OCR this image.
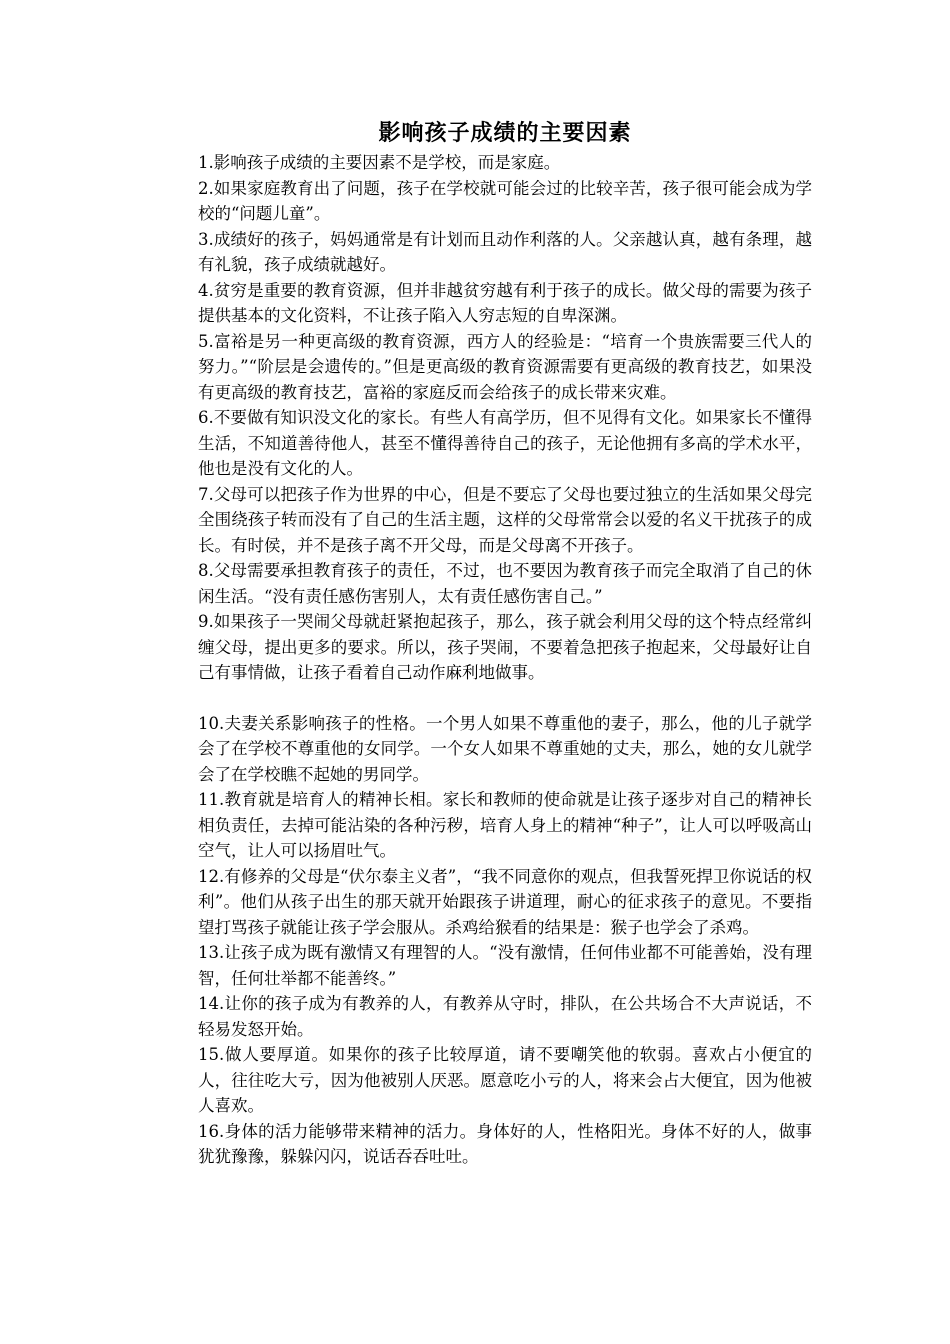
影响孩子成绩的主要因素

1.影响孩子成绩的主要因素不是学校，而是家庭。

2.如果家庭教育出了问题，孩子在学校就可能会过的比较辛苦，孩子很可能会成为学校的“问题儿童”。

3.成绩好的孩子，妈妈通常是有计划而且动作利落的人。父亲越认真，越有条理，越有礼貌，孩子成绩就越好。

4.贫穷是重要的教育资源，但并非越贫穷越有利于孩子的成长。做父母的需要为孩子提供基本的文化资料，不让孩子陷入人穷志短的自卑深渊。

5.富裕是另一种更高级的教育资源，西方人的经验是：“培育一个贵族需要三代人的努力。”“阶层是会遗传的。”但是更高级的教育资源需要有更高级的教育技艺，如果没有更高级的教育技艺，富裕的家庭反而会给孩子的成长带来灾难。

6.不要做有知识没文化的家长。有些人有高学历，但不见得有文化。如果家长不懂得生活，不知道善待他人，甚至不懂得善待自己的孩子，无论他拥有多高的学术水平，他也是没有文化的人。

7.父母可以把孩子作为世界的中心，但是不要忘了父母也要过独立的生活如果父母完全围绕孩子转而没有了自己的生活主题，这样的父母常常会以爱的名义干扰孩子的成长。有时侯，并不是孩子离不开父母，而是父母离不开孩子。

8.父母需要承担教育孩子的责任，不过，也不要因为教育孩子而完全取消了自己的休闲生活。“没有责任感伤害别人，太有责任感伤害自己。”

9.如果孩子一哭闹父母就赶紧抱起孩子，那么，孩子就会利用父母的这个特点经常纠缠父母，提出更多的要求。所以，孩子哭闹，不要着急把孩子抱起来，父母最好让自己有事情做，让孩子看着自己动作麻利地做事。

10.夫妻关系影响孩子的性格。一个男人如果不尊重他的妻子，那么，他的儿子就学会了在学校不尊重他的女同学。一个女人如果不尊重她的丈夫，那么，她的女儿就学会了在学校瞧不起她的男同学。

11.教育就是培育人的精神长相。家长和教师的使命就是让孩子逐步对自己的精神长相负责任，去掉可能沾染的各种污秽，培育人身上的精神“种子”，让人可以呼吸高山空气，让人可以扬眉吐气。

12.有修养的父母是“伏尔泰主义者”，“我不同意你的观点，但我誓死捍卫你说话的权利”。他们从孩子出生的那天就开始跟孩子讲道理，耐心的征求孩子的意见。不要指望打骂孩子就能让孩子学会服从。杀鸡给猴看的结果是：猴子也学会了杀鸡。

13.让孩子成为既有激情又有理智的人。“没有激情，任何伟业都不可能善始，没有理智，任何壮举都不能善终。”

14.让你的孩子成为有教养的人，有教养从守时，排队，在公共场合不大声说话，不轻易发怒开始。

15.做人要厚道。如果你的孩子比较厚道，请不要嘲笑他的软弱。喜欢占小便宜的人，往往吃大亏，因为他被别人厌恶。愿意吃小亏的人，将来会占大便宜，因为他被人喜欢。

16.身体的活力能够带来精神的活力。身体好的人，性格阳光。身体不好的人，做事犹犹豫豫，躲躲闪闪，说话吞吞吐吐。
